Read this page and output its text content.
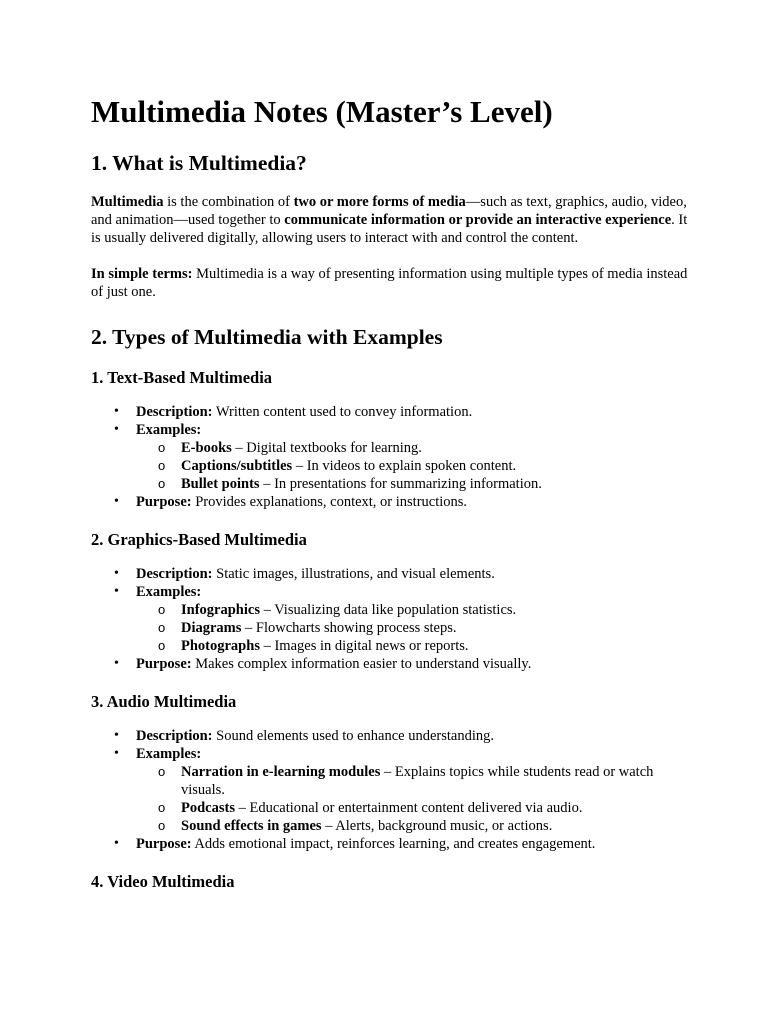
Multimedia Notes (Master’s Level)
1. What is Multimedia?

Multimedia is the combination of two or more forms of media—such as text, graphics, audio, video, and animation—used together to communicate information or provide an interactive experience. It is usually delivered digitally, allowing users to interact with and control the content.

In simple terms: Multimedia is a way of presenting information using multiple types of media instead of just one.

2. Types of Multimedia with Examples
1. Text-Based Multimedia
• Description: Written content used to convey information.
• Examples:
o E-books – Digital textbooks for learning.
o Captions/subtitles – In videos to explain spoken content.
o Bullet points – In presentations for summarizing information.
• Purpose: Provides explanations, context, or instructions.
2. Graphics-Based Multimedia
• Description: Static images, illustrations, and visual elements.
• Examples:
o Infographics – Visualizing data like population statistics.
o Diagrams – Flowcharts showing process steps.
o Photographs – Images in digital news or reports.
• Purpose: Makes complex information easier to understand visually.
3. Audio Multimedia
• Description: Sound elements used to enhance understanding.
• Examples:
o Narration in e-learning modules – Explains topics while students read or watch visuals.
o Podcasts – Educational or entertainment content delivered via audio.
o Sound effects in games – Alerts, background music, or actions.
• Purpose: Adds emotional impact, reinforces learning, and creates engagement.
4. Video Multimedia
